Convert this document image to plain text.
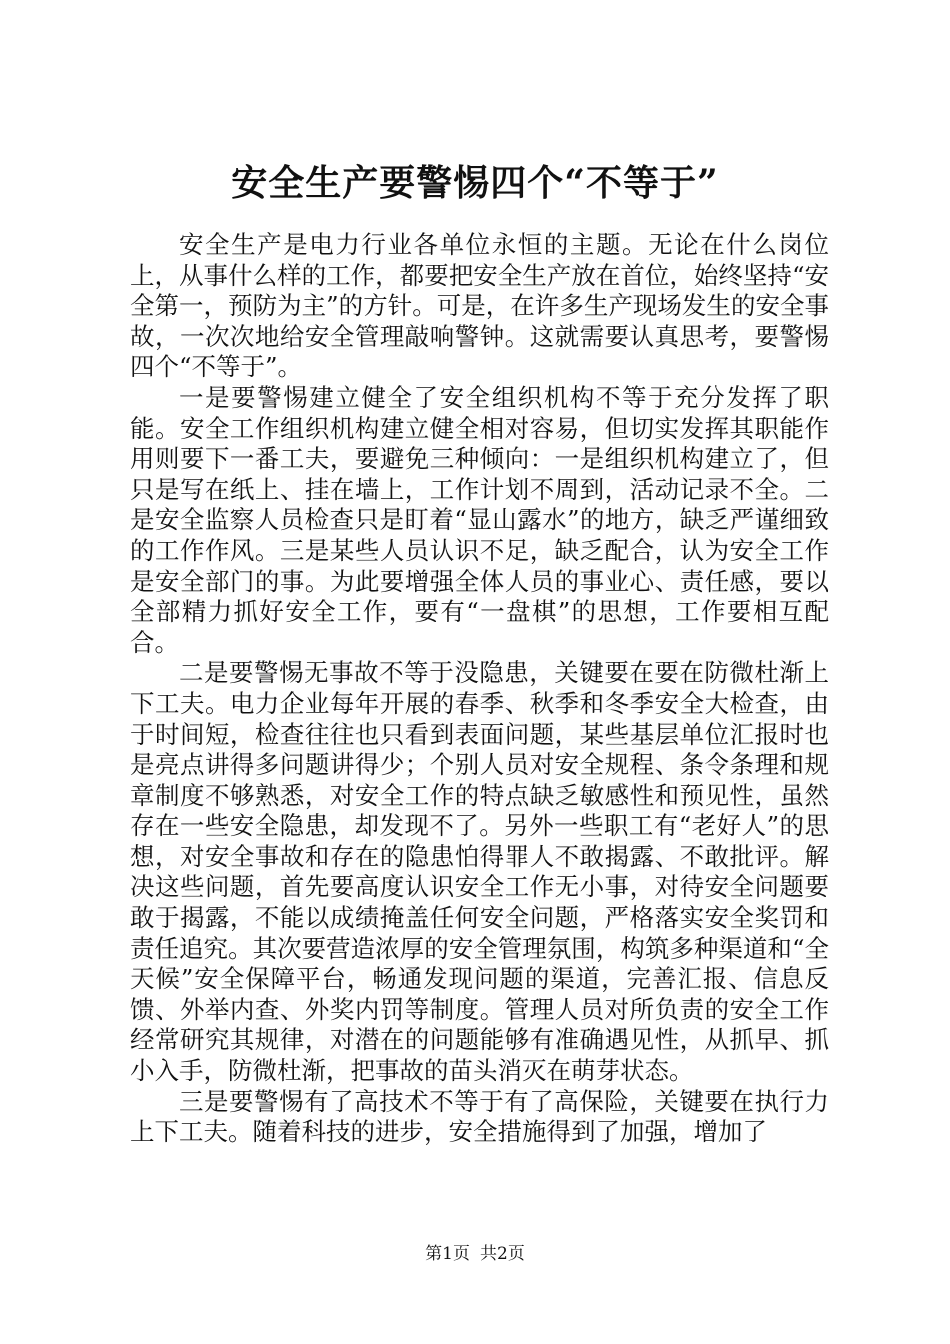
安全生产要警惕四个“不等于”

安全生产是电力行业各单位永恒的主题。无论在什么岗位上，从事什么样的工作，都要把安全生产放在首位，始终坚持“安全第一，预防为主”的方针。可是，在许多生产现场发生的安全事故，一次次地给安全管理敲响警钟。这就需要认真思考，要警惕四个“不等于”。

一是要警惕建立健全了安全组织机构不等于充分发挥了职能。安全工作组织机构建立健全相对容易，但切实发挥其职能作用则要下一番工夫，要避免三种倾向：一是组织机构建立了，但只是写在纸上、挂在墙上，工作计划不周到，活动记录不全。二是安全监察人员检查只是盯着“显山露水”的地方，缺乏严谨细致的工作作风。三是某些人员认识不足，缺乏配合，认为安全工作是安全部门的事。为此要增强全体人员的事业心、责任感，要以全部精力抓好安全工作，要有“一盘棋”的思想，工作要相互配合。

二是要警惕无事故不等于没隐患，关键要在要在防微杜渐上下工夫。电力企业每年开展的春季、秋季和冬季安全大检查，由于时间短，检查往往也只看到表面问题，某些基层单位汇报时也是亮点讲得多问题讲得少；个别人员对安全规程、条令条理和规章制度不够熟悉，对安全工作的特点缺乏敏感性和预见性，虽然存在一些安全隐患，却发现不了。另外一些职工有“老好人”的思想，对安全事故和存在的隐患怕得罪人不敢揭露、不敢批评。解决这些问题，首先要高度认识安全工作无小事，对待安全问题要敢于揭露，不能以成绩掩盖任何安全问题，严格落实安全奖罚和责任追究。其次要营造浓厚的安全管理氛围，构筑多种渠道和“全天候”安全保障平台，畅通发现问题的渠道，完善汇报、信息反馈、外举内查、外奖内罚等制度。管理人员对所负责的安全工作经常研究其规律，对潜在的问题能够有准确遇见性，从抓早、抓小入手，防微杜渐，把事故的苗头消灭在萌芽状态。

三是要警惕有了高技术不等于有了高保险，关键要在执行力上下工夫。随着科技的进步，安全措施得到了加强，增加了

第1页 共2页
